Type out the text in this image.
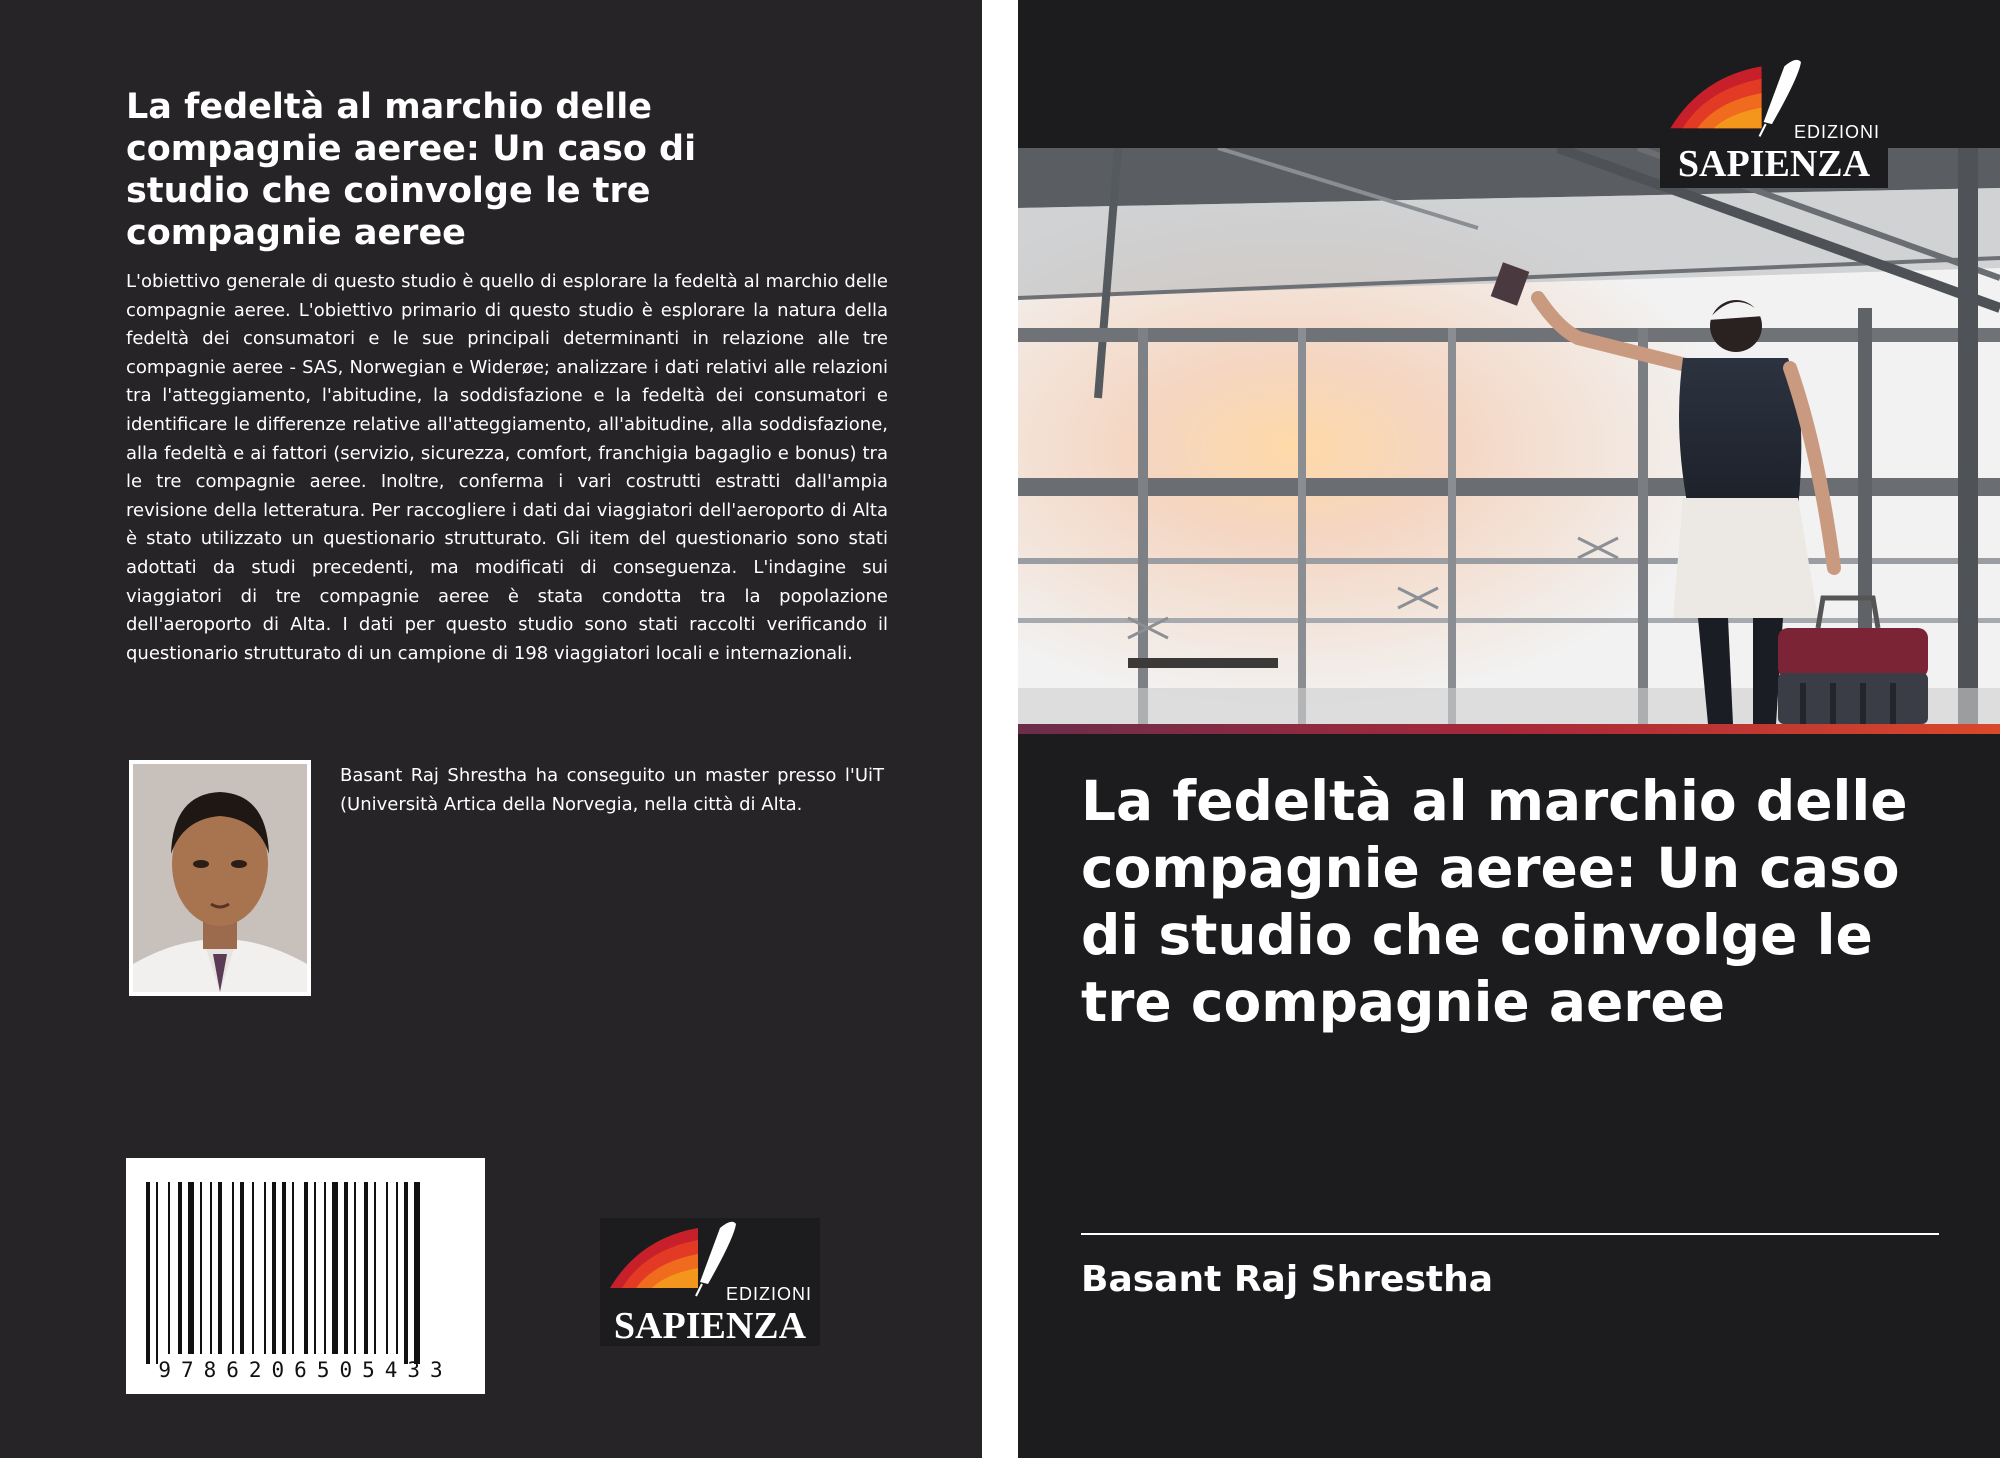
La fedeltà al marchio delle compagnie aeree: Un caso di studio che coinvolge le tre compagnie aeree
L'obiettivo generale di questo studio è quello di esplorare la fedeltà al marchio delle compagnie aeree. L'obiettivo primario di questo studio è esplorare la natura della fedeltà dei consumatori e le sue principali determinanti in relazione alle tre compagnie aeree - SAS, Norwegian e Widerøe; analizzare i dati relativi alle relazioni tra l'atteggiamento, l'abitudine, la soddisfazione e la fedeltà dei consumatori e identificare le differenze relative all'atteggiamento, all'abitudine, alla soddisfazione, alla fedeltà e ai fattori (servizio, sicurezza, comfort, franchigia bagaglio e bonus) tra le tre compagnie aeree. Inoltre, conferma i vari costrutti estratti dall'ampia revisione della letteratura. Per raccogliere i dati dai viaggiatori dell'aeroporto di Alta è stato utilizzato un questionario strutturato. Gli item del questionario sono stati adottati da studi precedenti, ma modificati di conseguenza. L'indagine sui viaggiatori di tre compagnie aeree è stata condotta tra la popolazione dell'aeroporto di Alta. I dati per questo studio sono stati raccolti verificando il questionario strutturato di un campione di 198 viaggiatori locali e internazionali.
Basant Raj Shrestha ha conseguito un master presso l'UiT (Università Artica della Norvegia, nella città di Alta.
9786206505433
EDIZIONI
SAPIENZA
EDIZIONI
SAPIENZA
La fedeltà al marchio delle compagnie aeree: Un caso di studio che coinvolge le tre compagnie aeree
Basant Raj Shrestha
